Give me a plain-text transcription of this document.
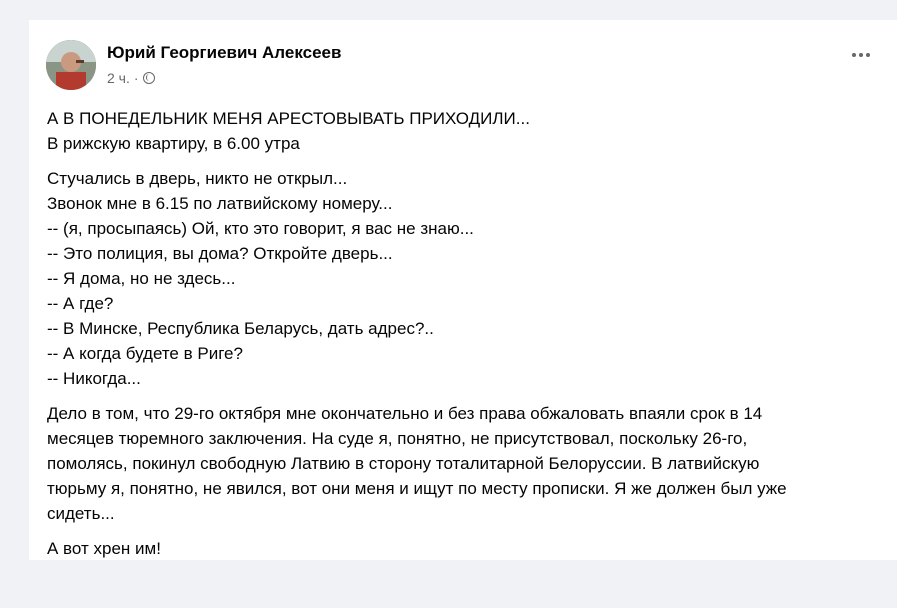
Юрий Георгиевич Алексеев
2 ч. ·

А В ПОНЕДЕЛЬНИК МЕНЯ АРЕСТОВЫВАТЬ ПРИХОДИЛИ...
В рижскую квартиру, в 6.00 утра

Стучались в дверь, никто не открыл...
Звонок мне в 6.15 по латвийскому номеру...
-- (я, просыпаясь) Ой, кто это говорит, я вас не знаю...
-- Это полиция, вы дома? Откройте дверь...
-- Я дома, но не здесь...
-- А где?
-- В Минске, Республика Беларусь, дать адрес?..
-- А когда будете в Риге?
-- Никогда...

Дело в том, что 29-го октября мне окончательно и без права обжаловать впаяли срок в 14
месяцев тюремного заключения. На суде я, понятно, не присутствовал, поскольку 26-го,
помолясь, покинул свободную Латвию в сторону тоталитарной Белоруссии. В латвийскую
тюрьму я, понятно, не явился, вот они меня и ищут по месту прописки. Я же должен был уже
сидеть...

А вот хрен им!
